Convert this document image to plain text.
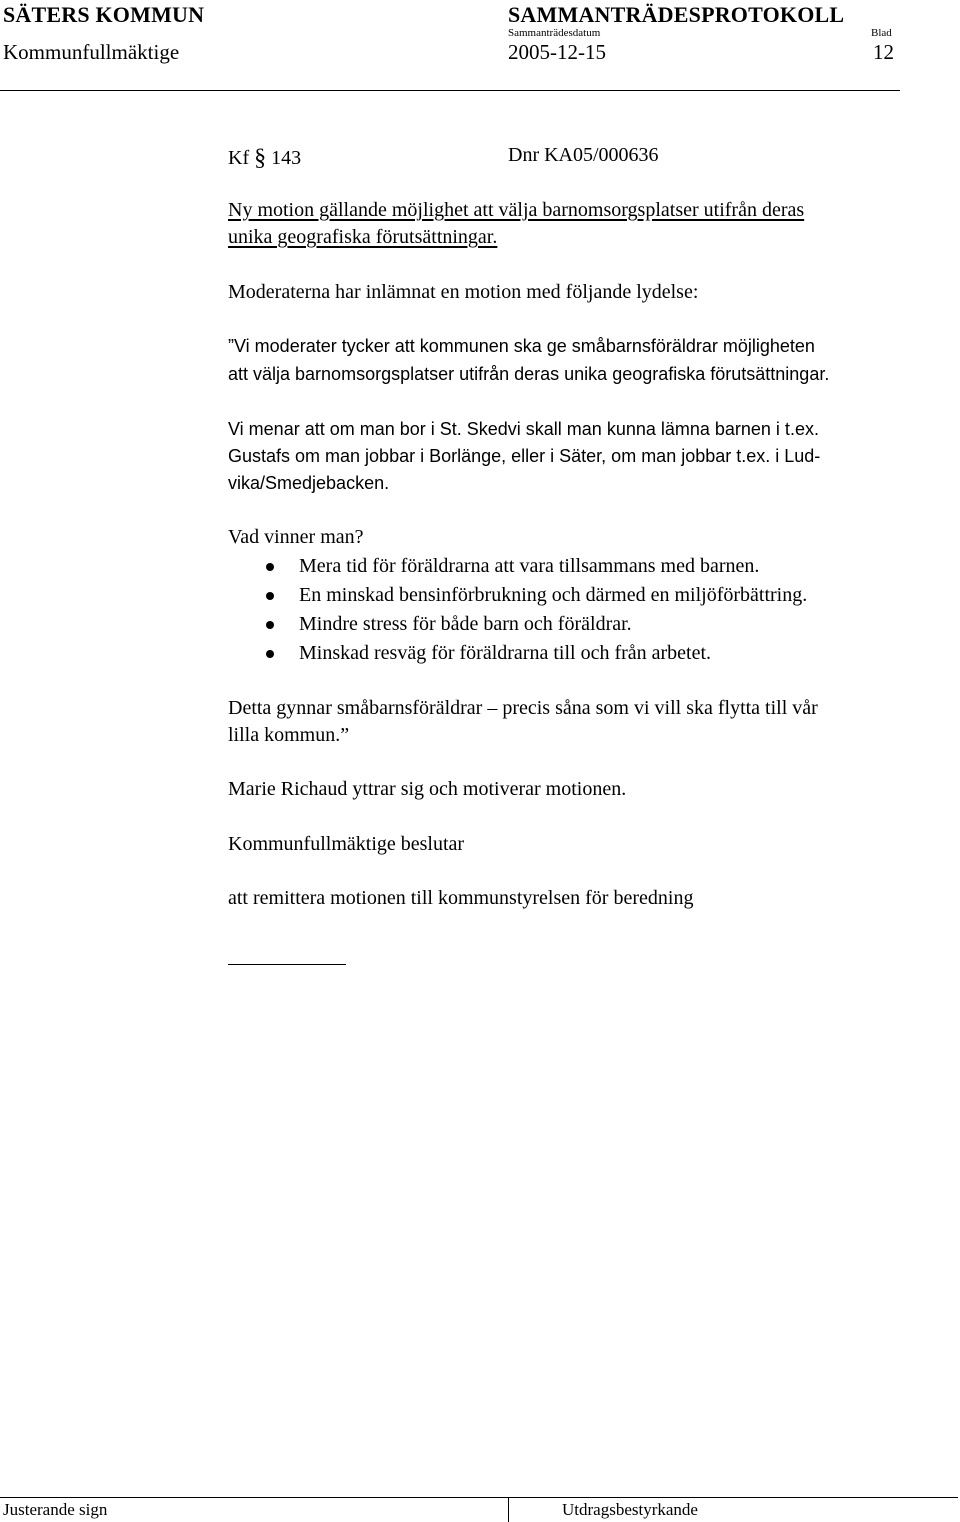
SÄTERS KOMMUN	SAMMANTRÄDESPROTOKOLL
Sammanträdesdatum	Blad
Kommunfullmäktige	2005-12-15	12
Kf § 143	Dnr KA05/000636
Ny motion gällande möjlighet att välja barnomsorgsplatser utifrån deras
unika geografiska förutsättningar.
Moderaterna har inlämnat en motion med följande lydelse:
”Vi moderater tycker att kommunen ska ge småbarnsföräldrar möjligheten
att välja barnomsorgsplatser utifrån deras unika geografiska förutsättningar.
Vi menar att om man bor i St. Skedvi skall man kunna lämna barnen i t.ex.
Gustafs om man jobbar i Borlänge, eller i Säter, om man jobbar t.ex. i Lud-
vika/Smedjebacken.
Vad vinner man?
Mera tid för föräldrarna att vara tillsammans med barnen.
En minskad bensinförbrukning och därmed en miljöförbättring.
Mindre stress för både barn och föräldrar.
Minskad resväg för föräldrarna till och från arbetet.
Detta gynnar småbarnsföräldrar – precis såna som vi vill ska flytta till vår
lilla kommun.”
Marie Richaud yttrar sig och motiverar motionen.
Kommunfullmäktige beslutar
att remittera motionen till kommunstyrelsen för beredning
Justerande sign	Utdragsbestyrkande
